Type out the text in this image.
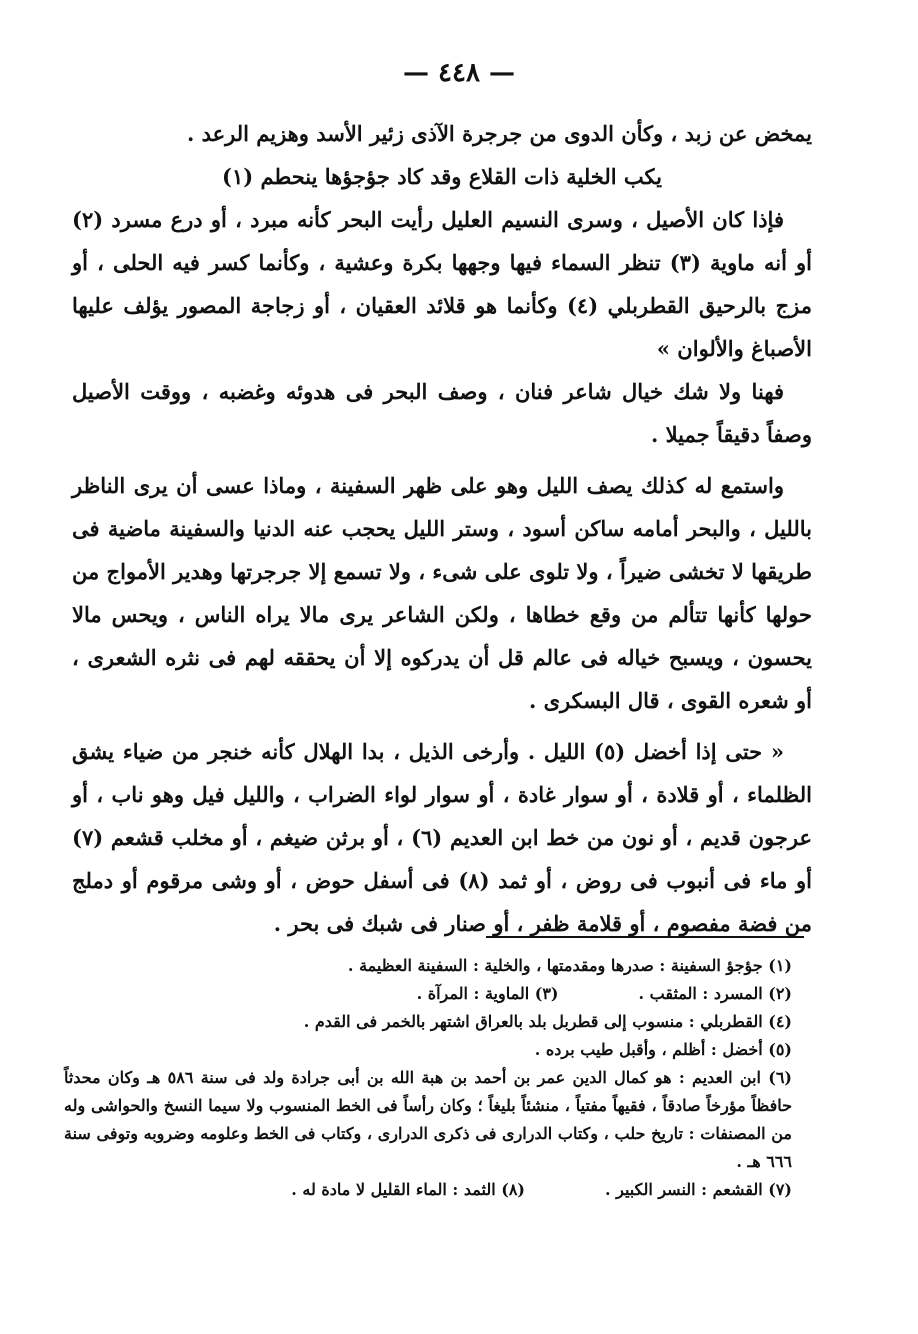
— ٤٤٨ —

يمخض عن زبد ، وكأن الدوى من جرجرة الآذى زئير الأسد وهزيم الرعد .

يكب الخلية ذات القلاع وقد كاد جؤجؤها ينحطم (١)

فإذا كان الأصيل ، وسرى النسيم العليل رأيت البحر كأنه مبرد ، أو درع مسرد (٢) أو أنه ماوية (٣) تنظر السماء فيها وجهها بكرة وعشية ، وكأنما كسر فيه الحلى ، أو مزج بالرحيق القطربلي (٤) وكأنما هو قلائد العقيان ، أو زجاجة المصور يؤلف عليها الأصباغ والألوان »

فهنا ولا شك خيال شاعر فنان ، وصف البحر فى هدوئه وغضبه ، ووقت الأصيل وصفاً دقيقاً جميلا .

واستمع له كذلك يصف الليل وهو على ظهر السفينة ، وماذا عسى أن يرى الناظر بالليل ، والبحر أمامه ساكن أسود ، وستر الليل يحجب عنه الدنيا والسفينة ماضية فى طريقها لا تخشى ضيراً ، ولا تلوى على شىء ، ولا تسمع إلا جرجرتها وهدير الأمواج من حولها كأنها تتألم من وقع خطاها ، ولكن الشاعر يرى مالا يراه الناس ، ويحس مالا يحسون ، ويسبح خياله فى عالم قل أن يدركوه إلا أن يحققه لهم فى نثره الشعرى ، أو شعره القوى ، قال البسكرى .

« حتى إذا أخضل (٥) الليل . وأرخى الذيل ، بدا الهلال كأنه خنجر من ضياء يشق الظلماء ، أو قلادة ، أو سوار غادة ، أو سوار لواء الضراب ، والليل فيل وهو ناب ، أو عرجون قديم ، أو نون من خط ابن العديم (٦) ، أو برثن ضيغم ، أو مخلب قشعم (٧) أو ماء فى أنبوب فى روض ، أو ثمد (٨) فى أسفل حوض ، أو وشى مرقوم أو دملج من فضة مفصوم ، أو قلامة ظفر ، أو صنار فى شبك فى بحر .

(١) جؤجؤ السفينة : صدرها ومقدمتها ، والخلية : السفينة العظيمة .

(٢) المسرد : المثقب .
(٣) الماوية : المرآة .

(٤) القطربلي : منسوب إلى قطربل بلد بالعراق اشتهر بالخمر فى القدم .

(٥) أخضل : أظلم ، وأقبل طيب برده .

(٦) ابن العديم : هو كمال الدين عمر بن أحمد بن هبة الله بن أبى جرادة ولد فى سنة ٥٨٦ هـ وكان محدثاً حافظاً مؤرخاً صادقاً ، فقيهاً مفتياً ، منشئاً بليغاً ؛ وكان رأساً فى الخط المنسوب ولا سيما النسخ والحواشى وله من المصنفات : تاريخ حلب ، وكتاب الدرارى فى ذكرى الدرارى ، وكتاب فى الخط وعلومه وضروبه وتوفى سنة ٦٦٦ هـ .

(٧) القشعم : النسر الكبير .
(٨) الثمد : الماء القليل لا مادة له .
